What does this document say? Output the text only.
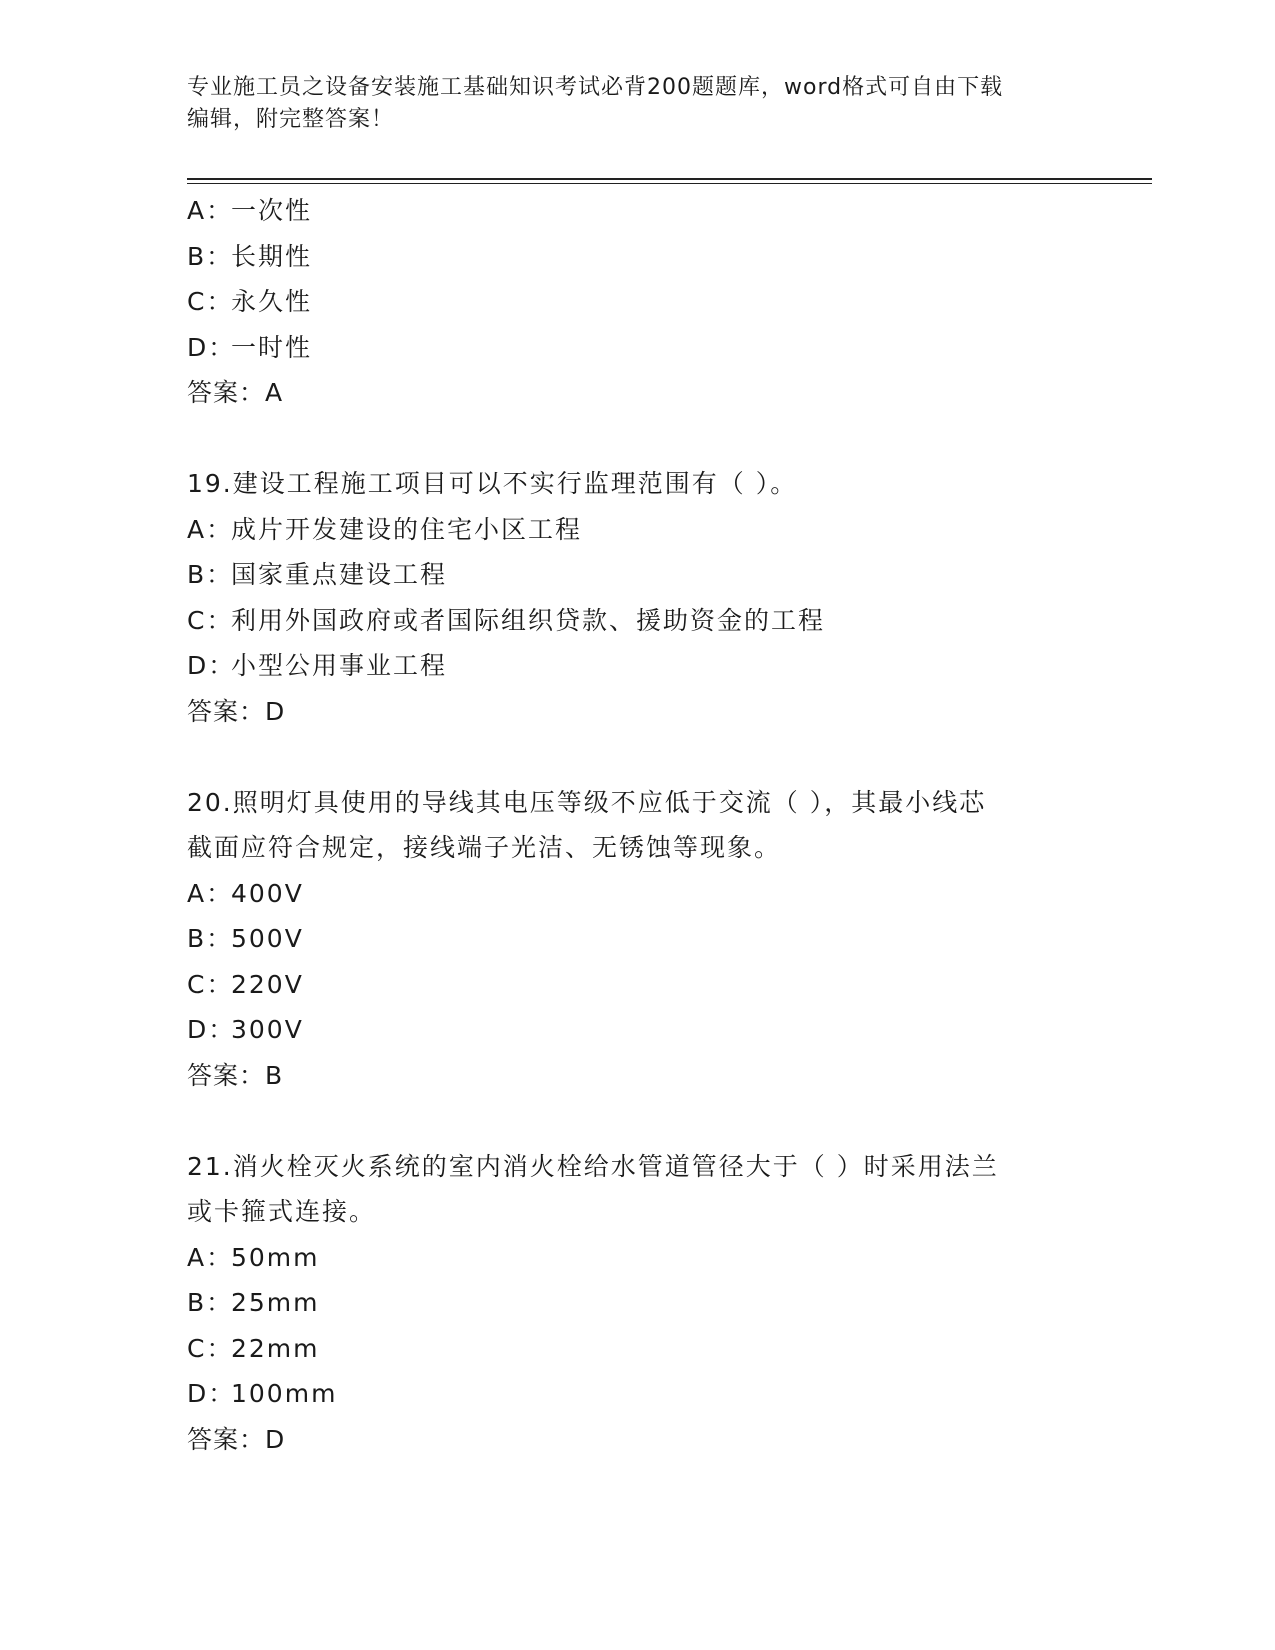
专业施工员之设备安装施工基础知识考试必背200题题库，word格式可自由下载
编辑，附完整答案！
A：一次性
B：长期性
C：永久性
D：一时性
答案：A
19.建设工程施工项目可以不实行监理范围有（ ）。
A：成片开发建设的住宅小区工程
B：国家重点建设工程
C：利用外国政府或者国际组织贷款、援助资金的工程
D：小型公用事业工程
答案：D
20.照明灯具使用的导线其电压等级不应低于交流（ ），其最小线芯
截面应符合规定，接线端子光洁、无锈蚀等现象。
A：400V
B：500V
C：220V
D：300V
答案：B
21.消火栓灭火系统的室内消火栓给水管道管径大于（ ）时采用法兰
或卡箍式连接。
A：50mm
B：25mm
C：22mm
D：100mm
答案：D
